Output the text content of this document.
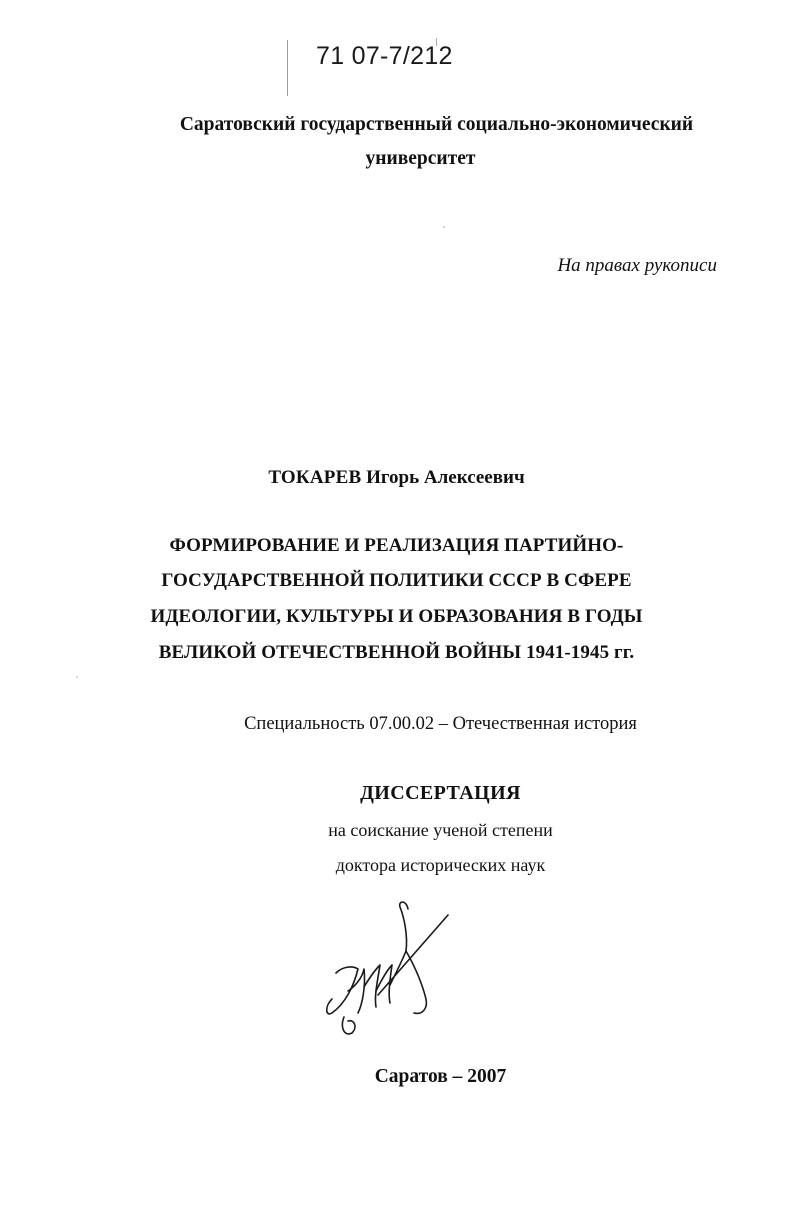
71 07-7/212
Саратовский государственный социально-экономический
университет
На правах рукописи
ТОКАРЕВ Игорь Алексеевич
ФОРМИРОВАНИЕ И РЕАЛИЗАЦИЯ ПАРТИЙНО-
ГОСУДАРСТВЕННОЙ ПОЛИТИКИ СССР В СФЕРЕ
ИДЕОЛОГИИ, КУЛЬТУРЫ И ОБРАЗОВАНИЯ В ГОДЫ
ВЕЛИКОЙ ОТЕЧЕСТВЕННОЙ ВОЙНЫ 1941-1945 гг.
Специальность 07.00.02 – Отечественная история
ДИССЕРТАЦИЯ
на соискание ученой степени
доктора исторических наук
Саратов – 2007
